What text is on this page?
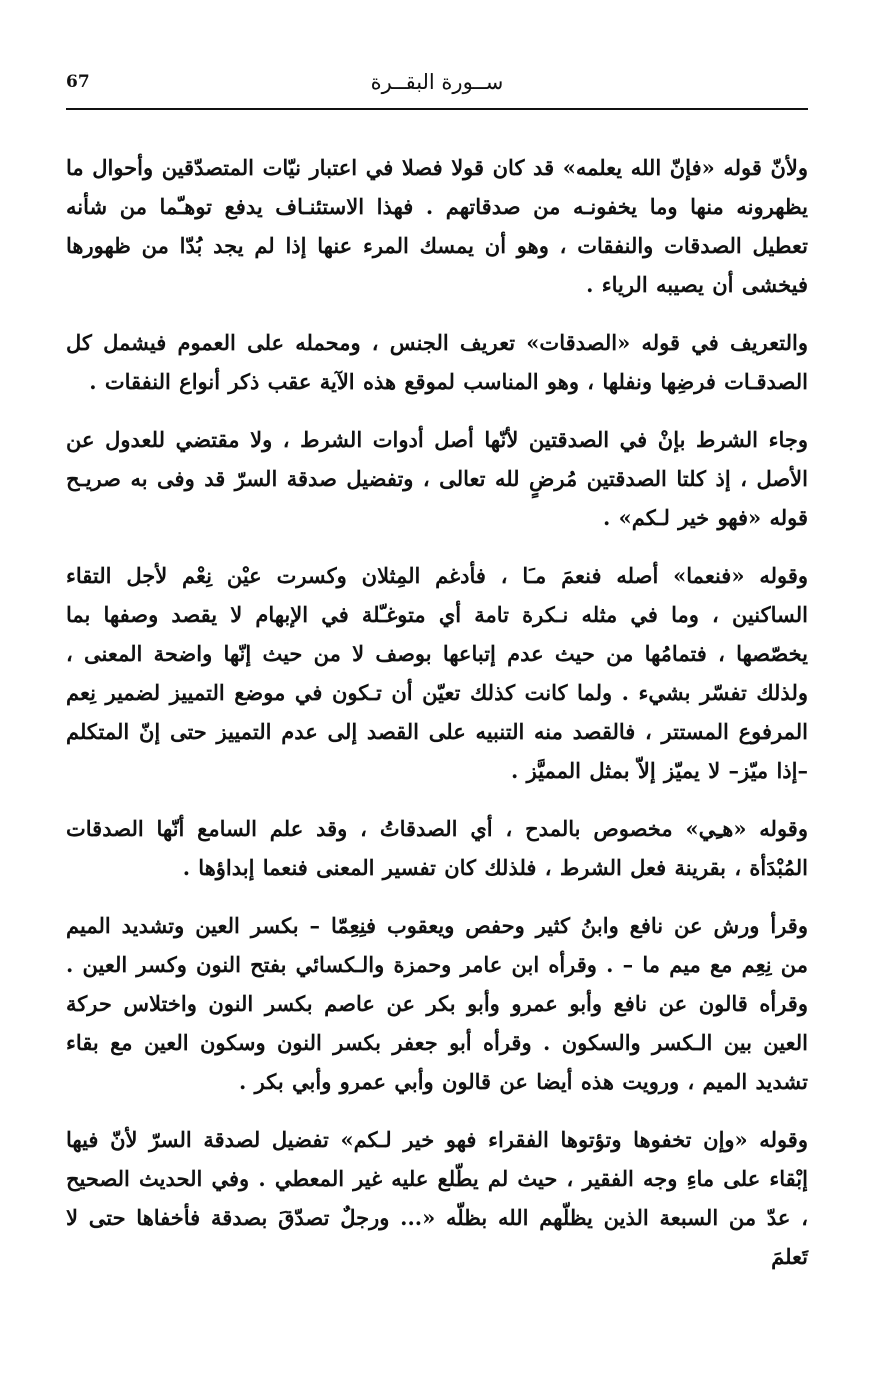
67	ســورة البقــرة

ولأنّ قوله «فإنّ الله يعلمه» قد كان قولا فصلا في اعتبار نيّات المتصدّقين وأحوال ما يظهرونه منها وما يخفونـه من صدقاتهم . فهذا الاستئنـاف يدفع توهـّما من شأنه تعطيل الصدقات والنفقات ، وهو أن يمسك المرء عنها إذا لم يجد بُدّا من ظهورها فيخشى أن يصيبه الرياء .

والتعريف في قوله «الصدقات» تعريف الجنس ، ومحمله على العموم فيشمل كل الصدقـات فرضِها ونفلها ، وهو المناسب لموقع هذه الآية عقب ذكر أنواع النفقات .

وجاء الشرط بإنْ في الصدقتين لأنّها أصل أدوات الشرط ، ولا مقتضي للعدول عن الأصل ، إذ كلتا الصدقتين مُرضٍ لله تعالى ، وتفضيل صدقة السرّ قد وفى به صريـح قوله «فهو خير لـكم» .

وقوله «فنعما» أصله فنعمَ مـَا ، فأدغم المِثلان وكسرت عيْن نِعْم لأجل التقاء الساكنين ، وما في مثله نـكرة تامة أي متوغـّلة في الإبهام لا يقصد وصفها بما يخصّصها ، فتمامُها من حيث عدم إتباعها بوصف لا من حيث إنّها واضحة المعنى ، ولذلك تفسّر بشيء . ولما كانت كذلك تعيّن أن تـكون في موضع التمييز لضمير نِعم المرفوع المستتر ، فالقصد منه التنبيه على القصد إلى عدم التمييز حتى إنّ المتكلم –إذا ميّز– لا يميّز إلاّ بمثل المميَّز .

وقوله «هـِي» مخصوص بالمدح ، أي الصدقاتُ ، وقد علم السامع أنّها الصدقات المُبْدَأة ، بقرينة فعل الشرط ، فلذلك كان تفسير المعنى فنعما إبداؤها .

وقرأ ورش عن نافع وابنُ كثير وحفص ويعقوب فنِعِمّا – بكسر العين وتشديد الميم من نِعِم مع ميم ما – . وقرأه ابن عامر وحمزة والـكسائي بفتح النون وكسر العين . وقرأه قالون عن نافع وأبو عمرو وأبو بكر عن عاصم بكسر النون واختلاس حركة العين بين الـكسر والسكون . وقرأه أبو جعفر بكسر النون وسكون العين مع بقاء تشديد الميم ، ورويت هذه أيضا عن قالون وأبي عمرو وأبي بكر .

وقوله «وإن تخفوها وتؤتوها الفقراء فهو خير لـكم» تفضيل لصدقة السرّ لأنّ فيها إبْقاء على ماءِ وجه الفقير ، حيث لم يطّلع عليه غير المعطي . وفي الحديث الصحيح ، عدّ من السبعة الذين يظلّهم الله بظلّه «... ورجلٌ تصدّقَ بصدقة فأخفاها حتى لا تَعلمَ
